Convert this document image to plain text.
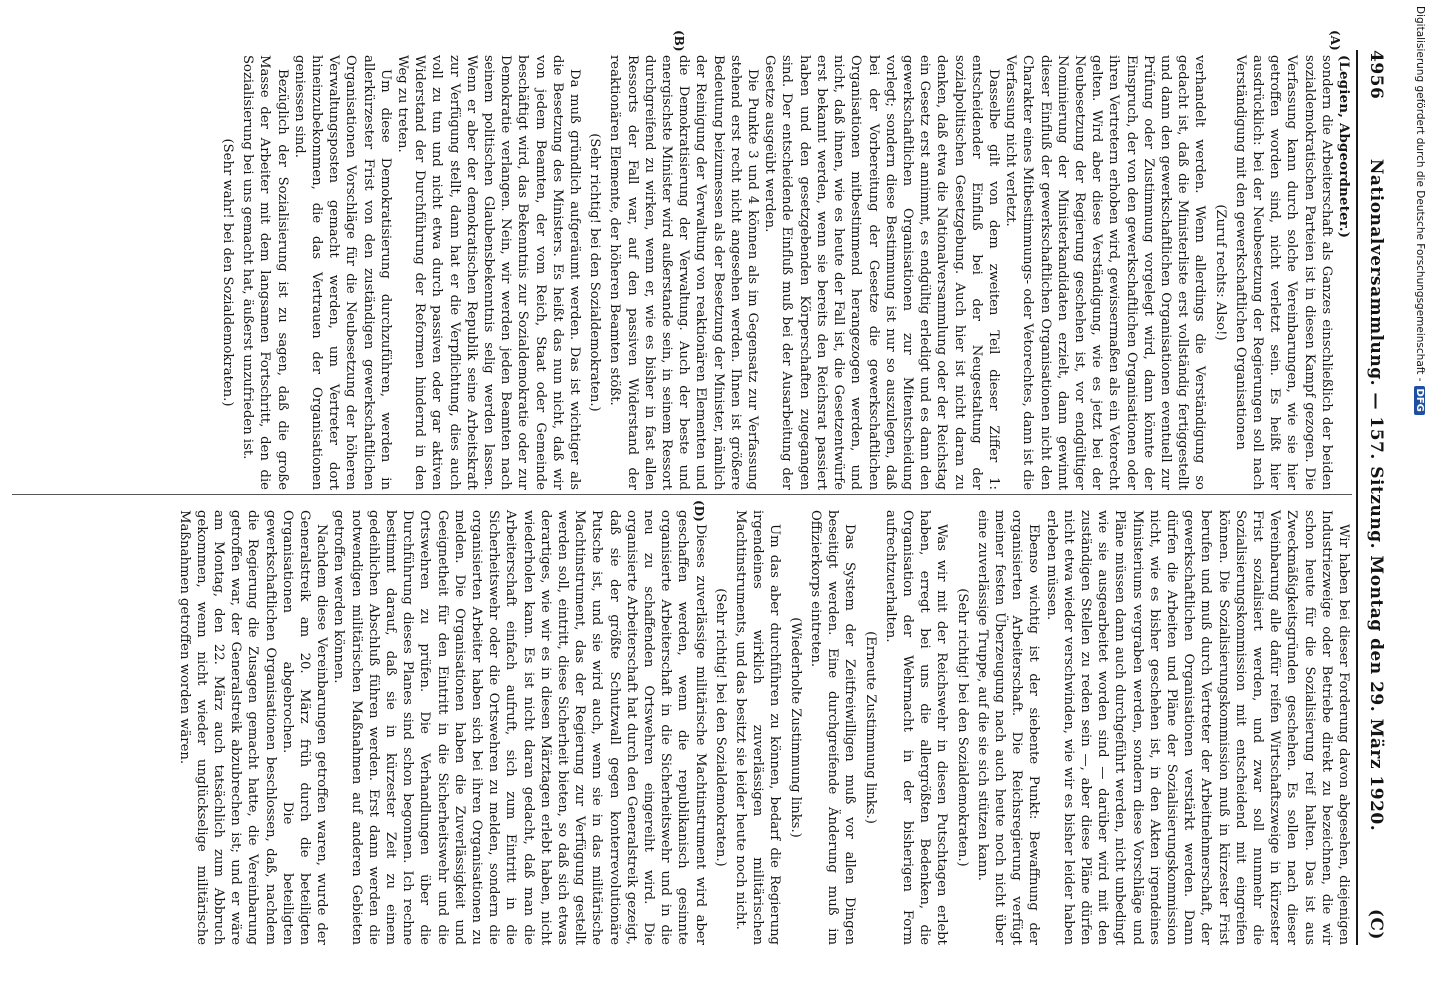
4956
Nationalversammlung. — 157. Sitzung. Montag den 29. März 1920.
(C)
(A)
(B)
(D)

(Legien, Abgeordneter.)

sondern die Arbeiterschaft als Ganzes einschließlich der beiden sozialdemokratischen Parteien ist in diesen Kampf gezogen. Die Verfassung kann durch solche Vereinbarungen, wie sie hier getroffen worden sind, nicht verletzt sein. Es heißt hier ausdrücklich: bei der Neubesetzung der Regierungen soll nach Verständigung mit den gewerkschaftlichen Organisationen

(Zuruf rechts: Also!)

verhandelt werden. Wenn allerdings die Verständigung so gedacht ist, daß die Ministerliste erst vollständig fertiggestellt und dann den gewerkschaftlichen Organisationen eventuell zur Prüfung oder Zustimmung vorgelegt wird, dann könnte der Einspruch, der von den gewerkschaftlichen Organisationen oder ihren Vertretern erhoben wird, gewissermaßen als ein Vetorecht gelten. Wird aber diese Verständigung, wie es jetzt bei der Neubesetzung der Regierung geschehen ist, vor endgültiger Nominierung der Ministerkandidaten erzielt, dann gewinnt dieser Einfluß der gewerkschaftlichen Organisationen nicht den Charakter eines Mitbestimmungs- oder Vetorechtes, dann ist die Verfassung nicht verletzt.

Dasselbe gilt von dem zweiten Teil dieser Ziffer 1: entscheidender Einfluß bei der Neugestaltung der sozialpolitischen Gesetzgebung. Auch hier ist nicht daran zu denken, daß etwa die Nationalversammlung oder der Reichstag ein Gesetz erst annimmt, es endgültig erledigt und es dann den gewerkschaftlichen Organisationen zur Mitentscheidung vorlegt; sondern diese Bestimmung ist nur so auszulegen, daß bei der Vorbereitung der Gesetze die gewerkschaftlichen Organisationen mitbestimmend herangezogen werden, und nicht, daß ihnen, wie es heute der Fall ist, die Gesetzentwürfe erst bekannt werden, wenn sie bereits den Reichsrat passiert haben und den gesetzgebenden Körperschaften zugegangen sind. Der entscheidende Einfluß muß bei der Ausarbeitung der Gesetze ausgeübt werden.

Die Punkte 3 und 4 können als im Gegensatz zur Verfassung stehend erst recht nicht angesehen werden. Ihnen ist größere Bedeutung beizumessen als der Besetzung der Minister, nämlich der Reinigung der Verwaltung von reaktionären Elementen und die Demokratisierung der Verwaltung. Auch der beste und energischste Minister wird außerstande sein, in seinem Ressort durchgreifend zu wirken, wenn er, wie es bisher in fast allen Ressorts der Fall war, auf den passiven Widerstand der reaktionären Elemente, der höheren Beamten stößt.

(Sehr richtig! bei den Sozialdemokraten.)

Da muß gründlich aufgeräumt werden. Das ist wichtiger als die Besetzung des Ministers. Es heißt das nun nicht, daß wir von jedem Beamten, der vom Reich, Staat oder Gemeinde beschäftigt wird, das Bekenntnis zur Sozialdemokratie oder zur Demokratie verlangen. Nein, wir werden jeden Beamten nach seinem politischen Glaubensbekenntnis selig werden lassen. Wenn er aber der demokratischen Republik seine Arbeitskraft zur Verfügung stellt, dann hat er die Verpflichtung, dies auch voll zu tun und nicht etwa durch passiven oder gar aktiven Widerstand der Durchführung der Reformen hindernd in den Weg zu treten.

Um diese Demokratisierung durchzuführen, werden in allerkürzester Frist von den zuständigen gewerkschaftlichen Organisationen Vorschläge für die Neubesetzung der höheren Verwaltungsposten gemacht werden, um Vertreter dort hineinzubekommen, die das Vertrauen der Organisationen geniessen sind.

Bezüglich der Sozialisierung ist zu sagen, daß die große Masse der Arbeiter mit dem langsamen Fortschritt, den die Sozialisierung bei uns gemacht hat, äußerst unzufrieden ist.

(Sehr wahr! bei den Sozialdemokraten.)

Wir haben bei dieser Forderung davon abgesehen, diejenigen Industriezweige oder Betriebe direkt zu bezeichnen, die wir schon heute für die Sozialisierung reif halten. Das ist aus Zweckmäßigkeitsgründen geschehen. Es sollen nach dieser Vereinbarung alle dafür reifen Wirtschaftszweige in kürzester Frist sozialisiert werden, und zwar soll nunmehr die Sozialisierungskommission mit entscheidend mit eingreifen können. Die Sozialisierungskommission muß in kürzester Frist berufen und muß durch Vertreter der Arbeitnehmerschaft, der gewerkschaftlichen Organisationen verstärkt werden. Dann dürfen die Arbeiten und Pläne der Sozialisierungskommission nicht, wie es bisher geschehen ist, in den Akten irgendeines Ministeriums vergraben werden, sondern diese Vorschläge und Pläne müssen dann auch durchgeführt werden, nicht unbedingt wie sie ausgearbeitet worden sind — darüber wird mit den zuständigen Stellen zu reden sein —, aber diese Pläne dürfen nicht etwa wieder verschwinden, wie wir es bisher leider haben erleben müssen.

Ebenso wichtig ist der siebente Punkt: Bewaffnung der organisierten Arbeiterschaft. Die Reichsregierung verfügt meiner festen Überzeugung nach auch heute noch nicht über eine zuverlässige Truppe, auf die sie sich stützen kann.

(Sehr richtig! bei den Sozialdemokraten.)

Was wir mit der Reichswehr in diesen Putschtagen erlebt haben, erregt bei uns die allergrößten Bedenken, die Organisation der Wehrmacht in der bisherigen Form aufrechtzuerhalten.

(Erneute Zustimmung links.)

Das System der Zeitfreiwilligen muß vor allen Dingen beseitigt werden. Eine durchgreifende Änderung muß im Offizierkorps eintreten.

(Wiederholte Zustimmung links.)

Um das aber durchführen zu können, bedarf die Regierung irgendeines wirklich zuverlässigen militärischen Machtinstruments, und das besitzt sie leider heute noch nicht.

(Sehr richtig! bei den Sozialdemokraten.)

Dieses zuverlässige militärische Machtinstrument wird aber geschaffen werden, wenn die republikanisch gesinnte organisierte Arbeiterschaft in die Sicherheitswehr und in die neu zu schaffenden Ortswehren eingereiht wird. Die organisierte Arbeiterschaft hat durch den Generalstreik gezeigt, daß sie der größte Schutzwall gegen konterrevolutionäre Putsche ist, und sie wird auch, wenn sie in das militärische Machtinstrument, das der Regierung zur Verfügung gestellt werden soll, eintritt, diese Sicherheit bieten, so daß sich etwas derartiges, wie wir es in diesen Märztagen erlebt haben, nicht wiederholen kann. Es ist nicht daran gedacht, daß man die Arbeiterschaft einfach aufruft, sich zum Eintritt in die Sicherheitswehr oder die Ortswehren zu melden, sondern die organisierten Arbeiter haben sich bei ihren Organisationen zu melden. Die Organisationen haben die Zuverlässigkeit und Geeignetheit für den Eintritt in die Sicherheitswehr und die Ortswehren zu prüfen. Die Verhandlungen über die Durchführung dieses Planes sind schon begonnen. Ich rechne bestimmt darauf, daß sie in kürzester Zeit zu einem gedeihlichen Abschluß führen werden. Erst dann werden die notwendigen militärischen Maßnahmen auf anderen Gebieten getroffen werden können.

Nachdem diese Vereinbarungen getroffen waren, wurde der Generalstreik am 20. März früh durch die beteiligten Organisationen abgebrochen. Die beteiligten gewerkschaftlichen Organisationen beschlossen, daß, nachdem die Regierung die Zusagen gemacht hatte, die Vereinbarung getroffen war, der Generalstreik abzubrechen ist; und er wäre am Montag, den 22. März auch tatsächlich zum Abbruch gekommen, wenn nicht wieder unglückselige militärische Maßnahmen getroffen worden wären.

Digitalisierung gefördert durch die Deutsche Forschungsgemeinschaft -DFG
